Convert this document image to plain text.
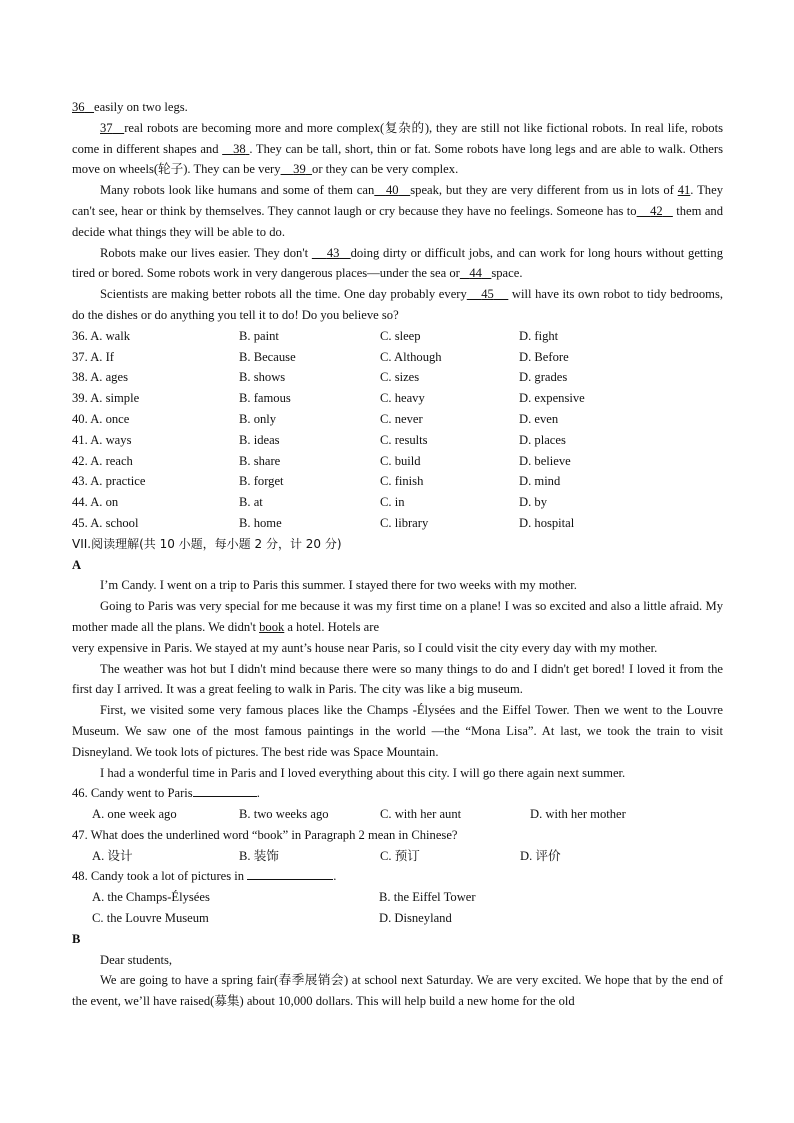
36 easily on two legs.

37 real robots are becoming more and more complex(复杂的), they are still not like fictional robots. In real life, robots come in different shapes and    38 . They can be tall, short, thin or fat. Some robots have long legs and are able to walk. Others move on wheels(轮子). They can be very 39 or they can be very complex.

Many robots look like humans and some of them can 40 speak, but they are very different from us in lots of 41. They can't see, hear or think by themselves. They cannot laugh or cry because they have no feelings. Someone has to 42    them and decide what things they will be able to do.

Robots make our lives easier. They don't     43 doing dirty or difficult jobs, and can work for long hours without getting tired or bored. Some robots work in very dangerous places—under the sea or 44 space.

Scientists are making better robots all the time. One day probably every 45     will have its own robot to tidy bedrooms, do the dishes or do anything you tell it to do! Do you believe so?

36. A. walk	B. paint	C. sleep	D. fight
37. A. If	B. Because	C. Although	D. Before
38. A. ages	B. shows	C. sizes	D. grades
39. A. simple	B. famous	C. heavy	D. expensive
40. A. once	B. only	C. never	D. even
41. A. ways	B. ideas	C. results	D. places
42. A. reach	B. share	C. build	D. believe
43. A. practice	B. forget	C. finish	D. mind
44. A. on	B. at	C. in	D. by
45. A. school	B. home	C. library	D. hospital

VII.阅读理解(共 10 小题，每小题 2 分，计 20 分)

A

I’m Candy. I went on a trip to Paris this summer. I stayed there for two weeks with my mother.

Going to Paris was very special for me because it was my first time on a plane! I was so excited and also a little afraid. My mother made all the plans. We didn't book a hotel. Hotels are

very expensive in Paris. We stayed at my aunt’s house near Paris, so I could visit the city every day with my mother.

The weather was hot but I didn't mind because there were so many things to do and I didn't get bored! I loved it from the first day I arrived. It was a great feeling to walk in Paris. The city was like a big museum.

First, we visited some very famous places like the Champs -Élysées and the Eiffel Tower. Then we went to the Louvre Museum. We saw one of the most famous paintings in the world —the “Mona Lisa”. At last, we took the train to visit Disneyland. We took lots of pictures. The best ride was Space Mountain.

I had a wonderful time in Paris and I loved everything about this city. I will go there again next summer.

46. Candy went to Paris	.

A. one week ago	B. two weeks ago	C. with her aunt	D. with her mother

47. What does the underlined word “book” in Paragraph 2 mean in Chinese?

A. 设计	B. 装饰	C. 预订	D. 评价

48. Candy took a lot of pictures in	.

A. the Champs-Élysées	B. the Eiffel Tower
C. the Louvre Museum	D. Disneyland

B

Dear students,

We are going to have a spring fair(春季展销会) at school next Saturday. We are very excited. We hope that by the end of the event, we’ll have raised(募集) about 10,000 dollars. This will help build a new home for the old
